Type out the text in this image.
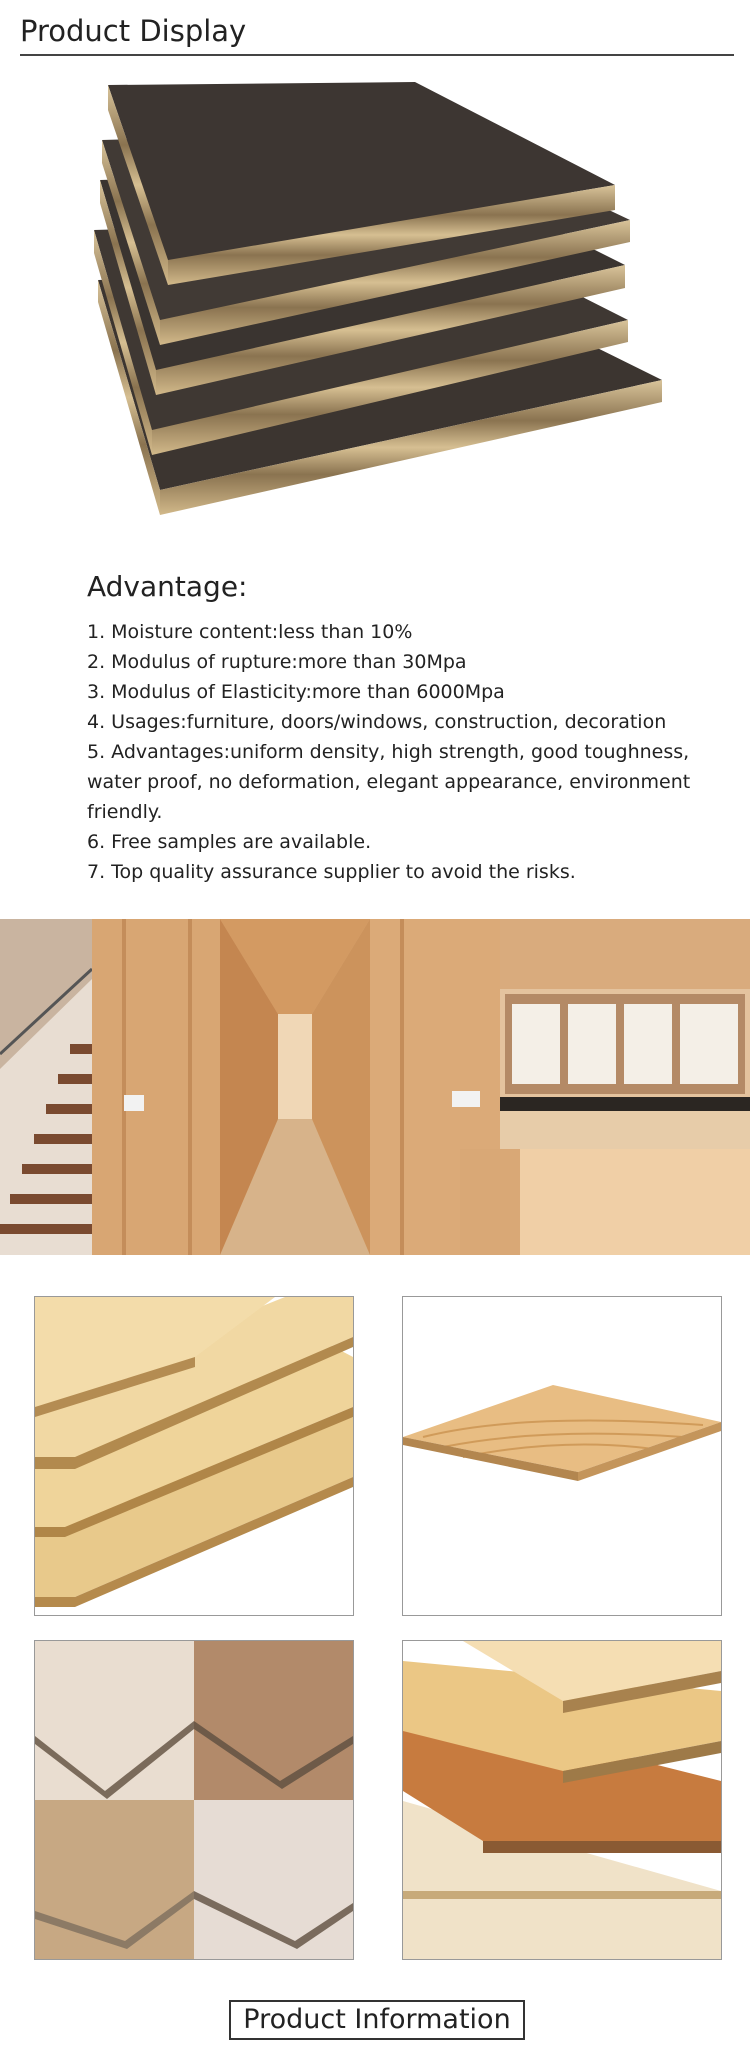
Product Display
Advantage:
1. Moisture content:less than 10%
2. Modulus of rupture:more than 30Mpa
3. Modulus of Elasticity:more than 6000Mpa
4. Usages:furniture, doors/windows, construction, decoration
5. Advantages:uniform density, high strength, good toughness, water proof, no deformation, elegant appearance, environment friendly.
6. Free samples are available.
7. Top quality assurance supplier to avoid the risks.
Product Information
